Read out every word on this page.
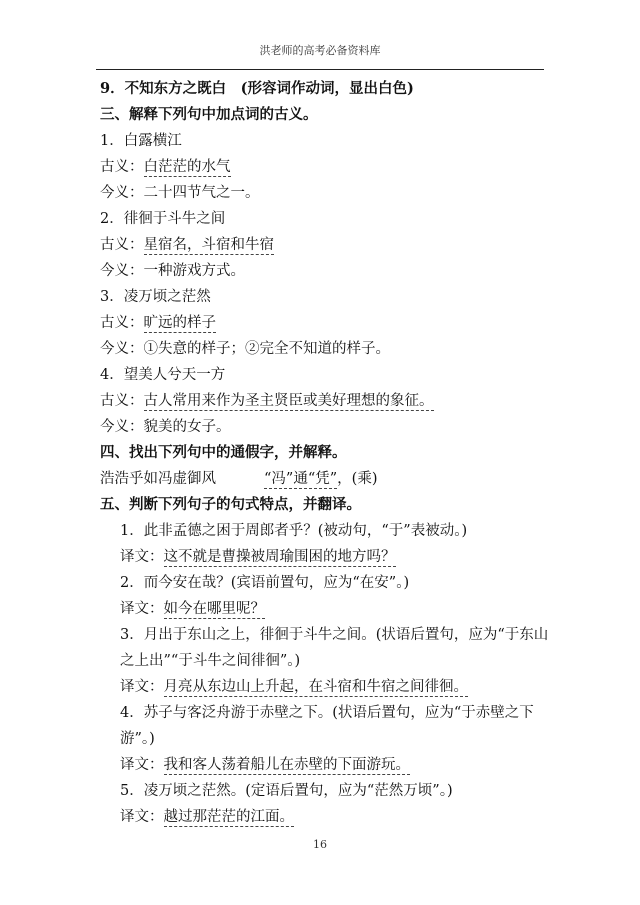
洪老师的高考必备资料库
9．不知东方之既白　(形容词作动词，显出白色)
三、解释下列句中加点词的古义。
1．白露横江
古义：白茫茫的水气
今义：二十四节气之一。
2．徘徊于斗牛之间
古义：星宿名，斗宿和牛宿
今义：一种游戏方式。
3．凌万顷之茫然
古义：旷远的样子
今义：①失意的样子；②完全不知道的样子。
4．望美人兮天一方
古义：古人常用来作为圣主贤臣或美好理想的象征。
今义：貌美的女子。
四、找出下列句中的通假字，并解释。
浩浩乎如冯虚御风	“冯”通“凭”，(乘)
五、判断下列句子的句式特点，并翻译。
1．此非孟德之困于周郎者乎？(被动句，“于”表被动。)
译文：这不就是曹操被周瑜围困的地方吗？
2．而今安在哉？(宾语前置句，应为“在安”。)
译文：如今在哪里呢？
3．月出于东山之上，徘徊于斗牛之间。(状语后置句，应为“于东山之上出”“于斗牛之间徘徊”。)
译文：月亮从东边山上升起，在斗宿和牛宿之间徘徊。
4．苏子与客泛舟游于赤壁之下。(状语后置句，应为“于赤壁之下游”。)
译文：我和客人荡着船儿在赤壁的下面游玩。
5．凌万顷之茫然。(定语后置句，应为“茫然万顷”。)
译文：越过那茫茫的江面。
16
